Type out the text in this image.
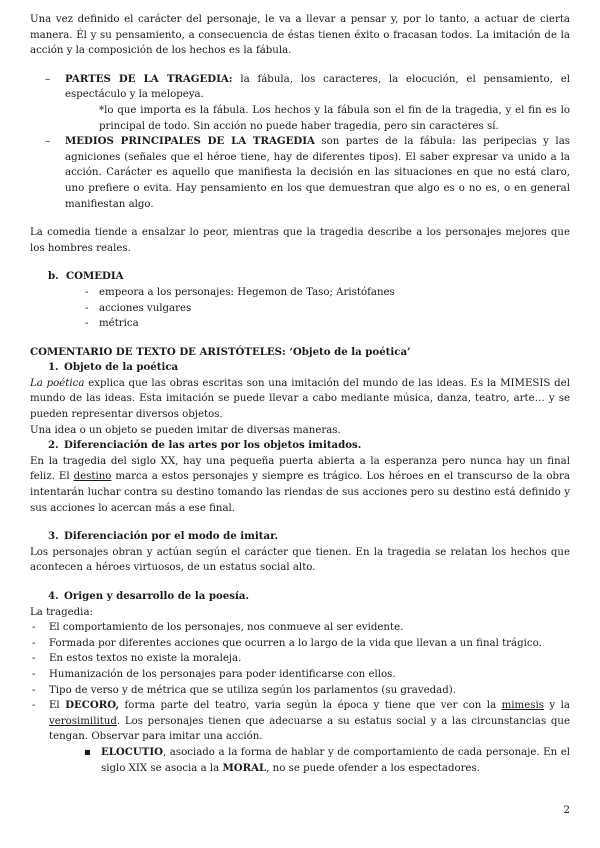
Una vez definido el carácter del personaje, le va a llevar a pensar y, por lo tanto, a actuar de cierta manera. Él y su pensamiento, a consecuencia de éstas tienen éxito o fracasan todos. La imitación de la acción y la composición de los hechos es la fábula.

– PARTES DE LA TRAGEDIA: la fábula, los caracteres, la elocución, el pensamiento, el espectáculo y la melopeya.
*lo que importa es la fábula. Los hechos y la fábula son el fin de la tragedia, y el fin es lo principal de todo. Sin acción no puede haber tragedia, pero sin caracteres sí.
– MEDIOS PRINCIPALES DE LA TRAGEDIA son partes de la fábula: las peripecias y las agniciones (señales que el héroe tiene, hay de diferentes tipos). El saber expresar va unido a la acción. Carácter es aquello que manifiesta la decisión en las situaciones en que no está claro, uno prefiere o evita. Hay pensamiento en los que demuestran que algo es o no es, o en general manifiestan algo.

La comedia tiende a ensalzar lo peor, mientras que la tragedia describe a los personajes mejores que los hombres reales.

b. COMEDIA
- empeora a los personajes: Hegemon de Taso; Aristófanes
- acciones vulgares
- métrica

COMENTARIO DE TEXTO DE ARISTÓTELES: ‘Objeto de la poética’

1. Objeto de la poética

La poética explica que las obras escritas son una imitación del mundo de las ideas. Es la MIMESIS del mundo de las ideas. Esta imitación se puede llevar a cabo mediante música, danza, teatro, arte… y se pueden representar diversos objetos.

Una idea o un objeto se pueden imitar de diversas maneras.

2. Diferenciación de las artes por los objetos imitados.

En la tragedia del siglo XX, hay una pequeña puerta abierta a la esperanza pero nunca hay un final feliz. El destino marca a estos personajes y siempre es trágico. Los héroes en el transcurso de la obra intentarán luchar contra su destino tomando las riendas de sus acciones pero su destino está definido y sus acciones lo acercan más a ese final.

3. Diferenciación por el modo de imitar.

Los personajes obran y actúan según el carácter que tienen. En la tragedia se relatan los hechos que acontecen a héroes virtuosos, de un estatus social alto.

4. Origen y desarrollo de la poesía.

La tragedia:

- El comportamiento de los personajes, nos conmueve al ser evidente.
- Formada por diferentes acciones que ocurren a lo largo de la vida que llevan a un final trágico.
- En estos textos no existe la moraleja.
- Humanización de los personajes para poder identificarse con ellos.
- Tipo de verso y de métrica que se utiliza según los parlamentos (su gravedad).
- El DECORO, forma parte del teatro, varia según la época y tiene que ver con la mimesis y la verosimilitud. Los personajes tienen que adecuarse a su estatus social y a las circunstancias que tengan. Observar para imitar una acción.
▪ ELOCUTIO, asociado a la forma de hablar y de comportamiento de cada personaje. En el siglo XIX se asocia a la MORAL, no se puede ofender a los espectadores.
2
